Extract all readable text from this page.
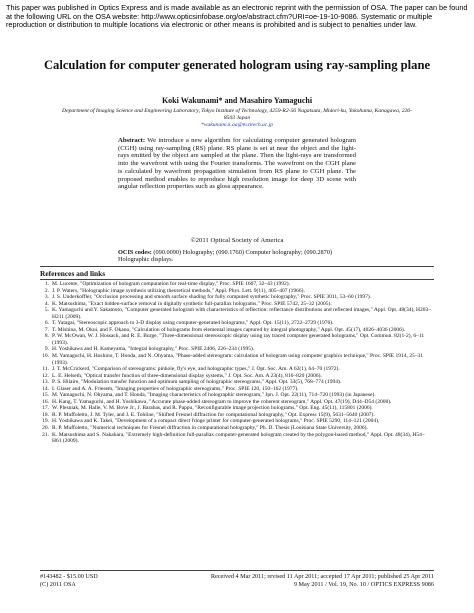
This paper was published in Optics Express and is made available as an electronic reprint with the permission of OSA. The paper can be found at the following URL on the OSA website: http://www.opticsinfobase.org/oe/abstract.cfm?URI=oe-19-10-9086. Systematic or multiple reproduction or distribution to multiple locations via electronic or other means is prohibited and is subject to penalties under law.
Calculation for computer generated hologram using ray-sampling plane
Koki Wakunami* and Masahiro Yamaguchi
Department of Imaging Science and Engineering Laboratory, Tokyo Institute of Technology, 4259-R2-56 Nagatsuta, Midori-ku, Yokohama, Kanagawa, 226-8503 Japan
*wakunami.k.aa@m.titech.ac.jp
Abstract: We introduce a new algorithm for calculating computer generated hologram (CGH) using ray-sampling (RS) plane. RS plane is set at near the object and the light-rays emitted by the object are sampled at the plane. Then the light-rays are transformed into the wavefront with using the Fourier transforms. The wavefront on the CGH plane is calculated by wavefront propagation simulation from RS plane to CGH plane. The proposed method enables to reproduce high resolution image for deep 3D scene with angular reflection properties such as gloss appearance.
©2011 Optical Society of America
OCIS codes: (090.0090) Holography; (090.1760) Computer holography; (090.2870) Holographic displays.
References and links
1. M. Lucente, "Optimization of hologram computation for real-time display," Proc. SPIE 1667, 32–43 (1992).
2. J. P. Waters, "Holographic image synthesis utilizing theoretical methods," Appl. Phys. Lett. 9(11), 405–407 (1966).
3. J. S. Underkoffler, "Occlusion processing and smooth surface shading for fully computed synthetic holography," Proc. SPIE 3011, 53–60 (1997).
4. K. Matsushima, "Exact hidden-surface removal in digitally synthetic full-parallax holograms," Proc. SPIE 5742, 25–32 (2005).
5. K. Yamaguchi and Y. Sakamoto, "Computer generated hologram with characteristics of reflection: reflectance distributions and reflected images," Appl. Opt. 48(34), H203–H211 (2009).
6. T. Yatagai, "Stereoscopic approach to 3-D display using computer-generated holograms," Appl. Opt. 15(11), 2722–2729 (1976).
7. T. Mishina, M. Okui, and F. Okano, "Calculation of holograms from elemental images captured by integral photography," Appl. Opt. 45(17), 4026–4036 (2006).
8. P. W. McOwan, W. J. Hossack, and R. E. Burge, "Three-dimensional stereoscopic display using ray traced computer generated holograms," Opt. Commun. 82(1-2), 6–11 (1993).
9. H. Yoshikawa and H. Kameyama, "Integral holography," Proc. SPIE 2406, 226–234 (1995).
10. M. Yamaguchi, H. Hoshino, T. Honda, and N. Ohyama, "Phase-added stereogram: calculation of hologram using computer graphics technique," Proc. SPIE 1914, 25–31 (1993).
11. J. T. McCrickerd, "Comparison of stereograms: pinhole, fly's eye, and holographic types," J. Opt. Soc. Am. A 62(1), 64–70 (1972).
12. L. E. Helseth, "Optical transfer function of three-dimensional display systems," J. Opt. Soc. Am. A 23(4), 816–820 (2006).
13. P. S. Hilaire, "Modulation transfer function and optimum sampling of holographic stereograms," Appl. Opt. 33(5), 768–774 (1994).
14. I. Glaser and A. A. Friesem, "Imaging properties of holographic stereograms," Proc. SPIE 120, 150–162 (1977).
15. M. Yamaguchi, N. Ohyama, and T. Honda, "Imaging characteristics of holographic stereogram," Jpn. J. Opt. 22(11), 714–720 (1993) (in Japanese).
16. H. Kang, T. Yamaguchi, and H. Yoshikawa, "Accurate phase-added stereogram to improve the coherent stereogram," Appl. Opt. 47(19), D44–D54 (2008).
17. W. Plesniak, M. Halle, V. M. Bove Jr., J. Barabas, and R. Pappu, "Reconfigurable image projection holograms," Opt. Eng. 45(11), 115801 (2006).
18. R. P. Muffoletto, J. M. Tyler, and J. E. Tohline, "Shifted Fresnel diffraction for computational holography," Opt. Express 15(9), 5631–5640 (2007).
19. H. Yoshikawa and K. Takei, "Development of a compact direct fringe printer for computer-generated holograms," Proc. SPIE 5290, 114–121 (2004).
20. R. P. Muffoletto, "Numerical techniques for Fresnel diffraction in computational holography," Ph. D. Thesis (Louisiana State University, 2006).
21. K. Matsushima and S. Nakahara, "Extremely high-definition full-parallax computer-generated hologram created by the polygon-based method," Appl. Opt. 48(34), H54–H61 (2009).
#143482 - $15.00 USD
(C) 2011 OSA
Received 4 Mar 2011; revised 11 Apr 2011; accepted 17 Apr 2011; published 25 Apr 2011
9 May 2011 / Vol. 19, No. 10 / OPTICS EXPRESS 9086
